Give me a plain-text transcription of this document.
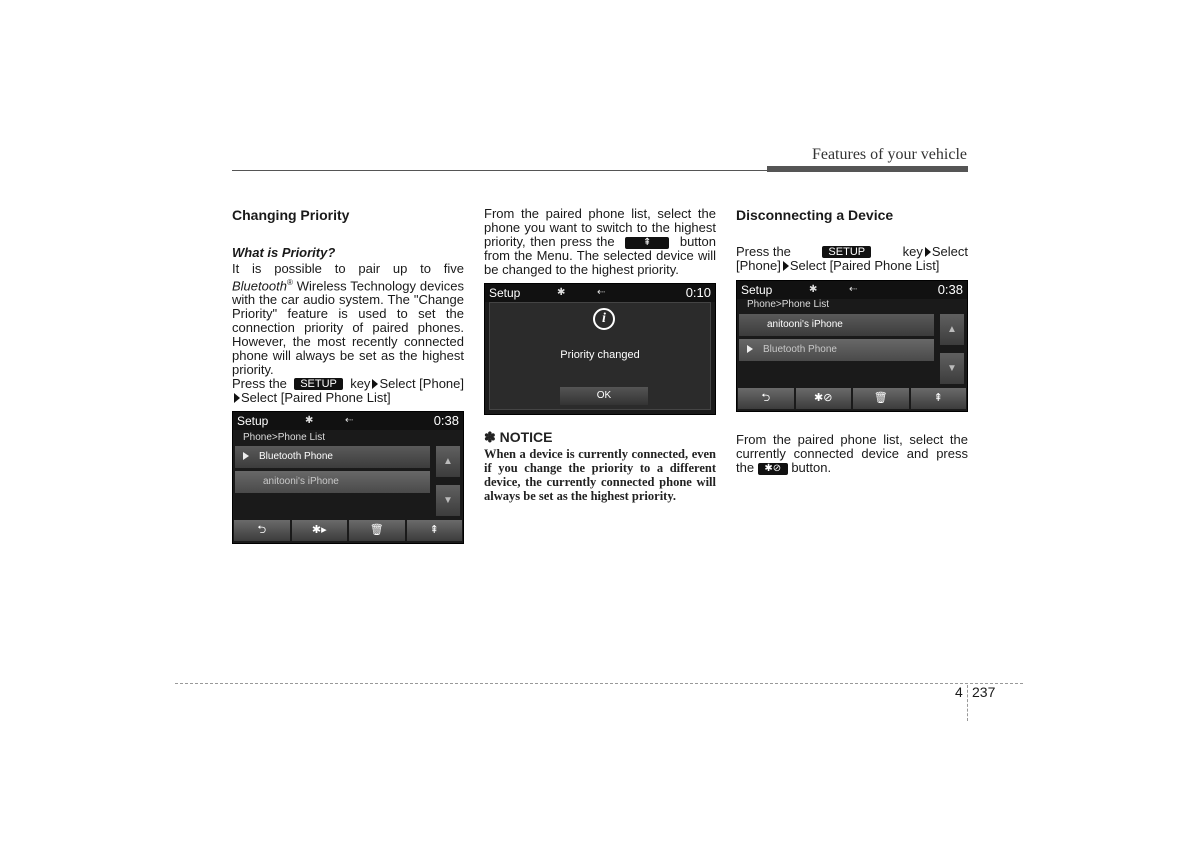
Features of your vehicle
Changing Priority
What is Priority?
It is possible to pair up to five Bluetooth® Wireless Technology devices with the car audio system. The "Change Priority" feature is used to set the connection priority of paired phones. However, the most recently connected phone will always be set as the highest priority.
Press the	SETUP	key Select [Phone]
Select [Paired Phone List]
Setup	✱	⇠	0:38
Phone>Phone List
Bluetooth Phone
anitooni's iPhone
▲
▼
⮌	✱▸	🗑	⇞
From the paired phone list, select the phone you want to switch to the highest priority, then press the	⇞ button from the Menu. The selected device will be changed to the highest priority.
Setup	✱	⇠	0:10
i
Priority changed
OK
✽ NOTICE
When a device is currently connected, even if you change the priority to a different device, the currently connected phone will always be set as the highest priority.
Disconnecting a Device
Press the	SETUP	key Select
[Phone] Select [Paired Phone List]
Setup	✱	⇠	0:38
Phone>Phone List
anitooni's iPhone
Bluetooth Phone
▲
▼
⮌	✱⊘	🗑	⇞
From the paired phone list, select the currently connected device and press the ✱⊘ button.
4 237
